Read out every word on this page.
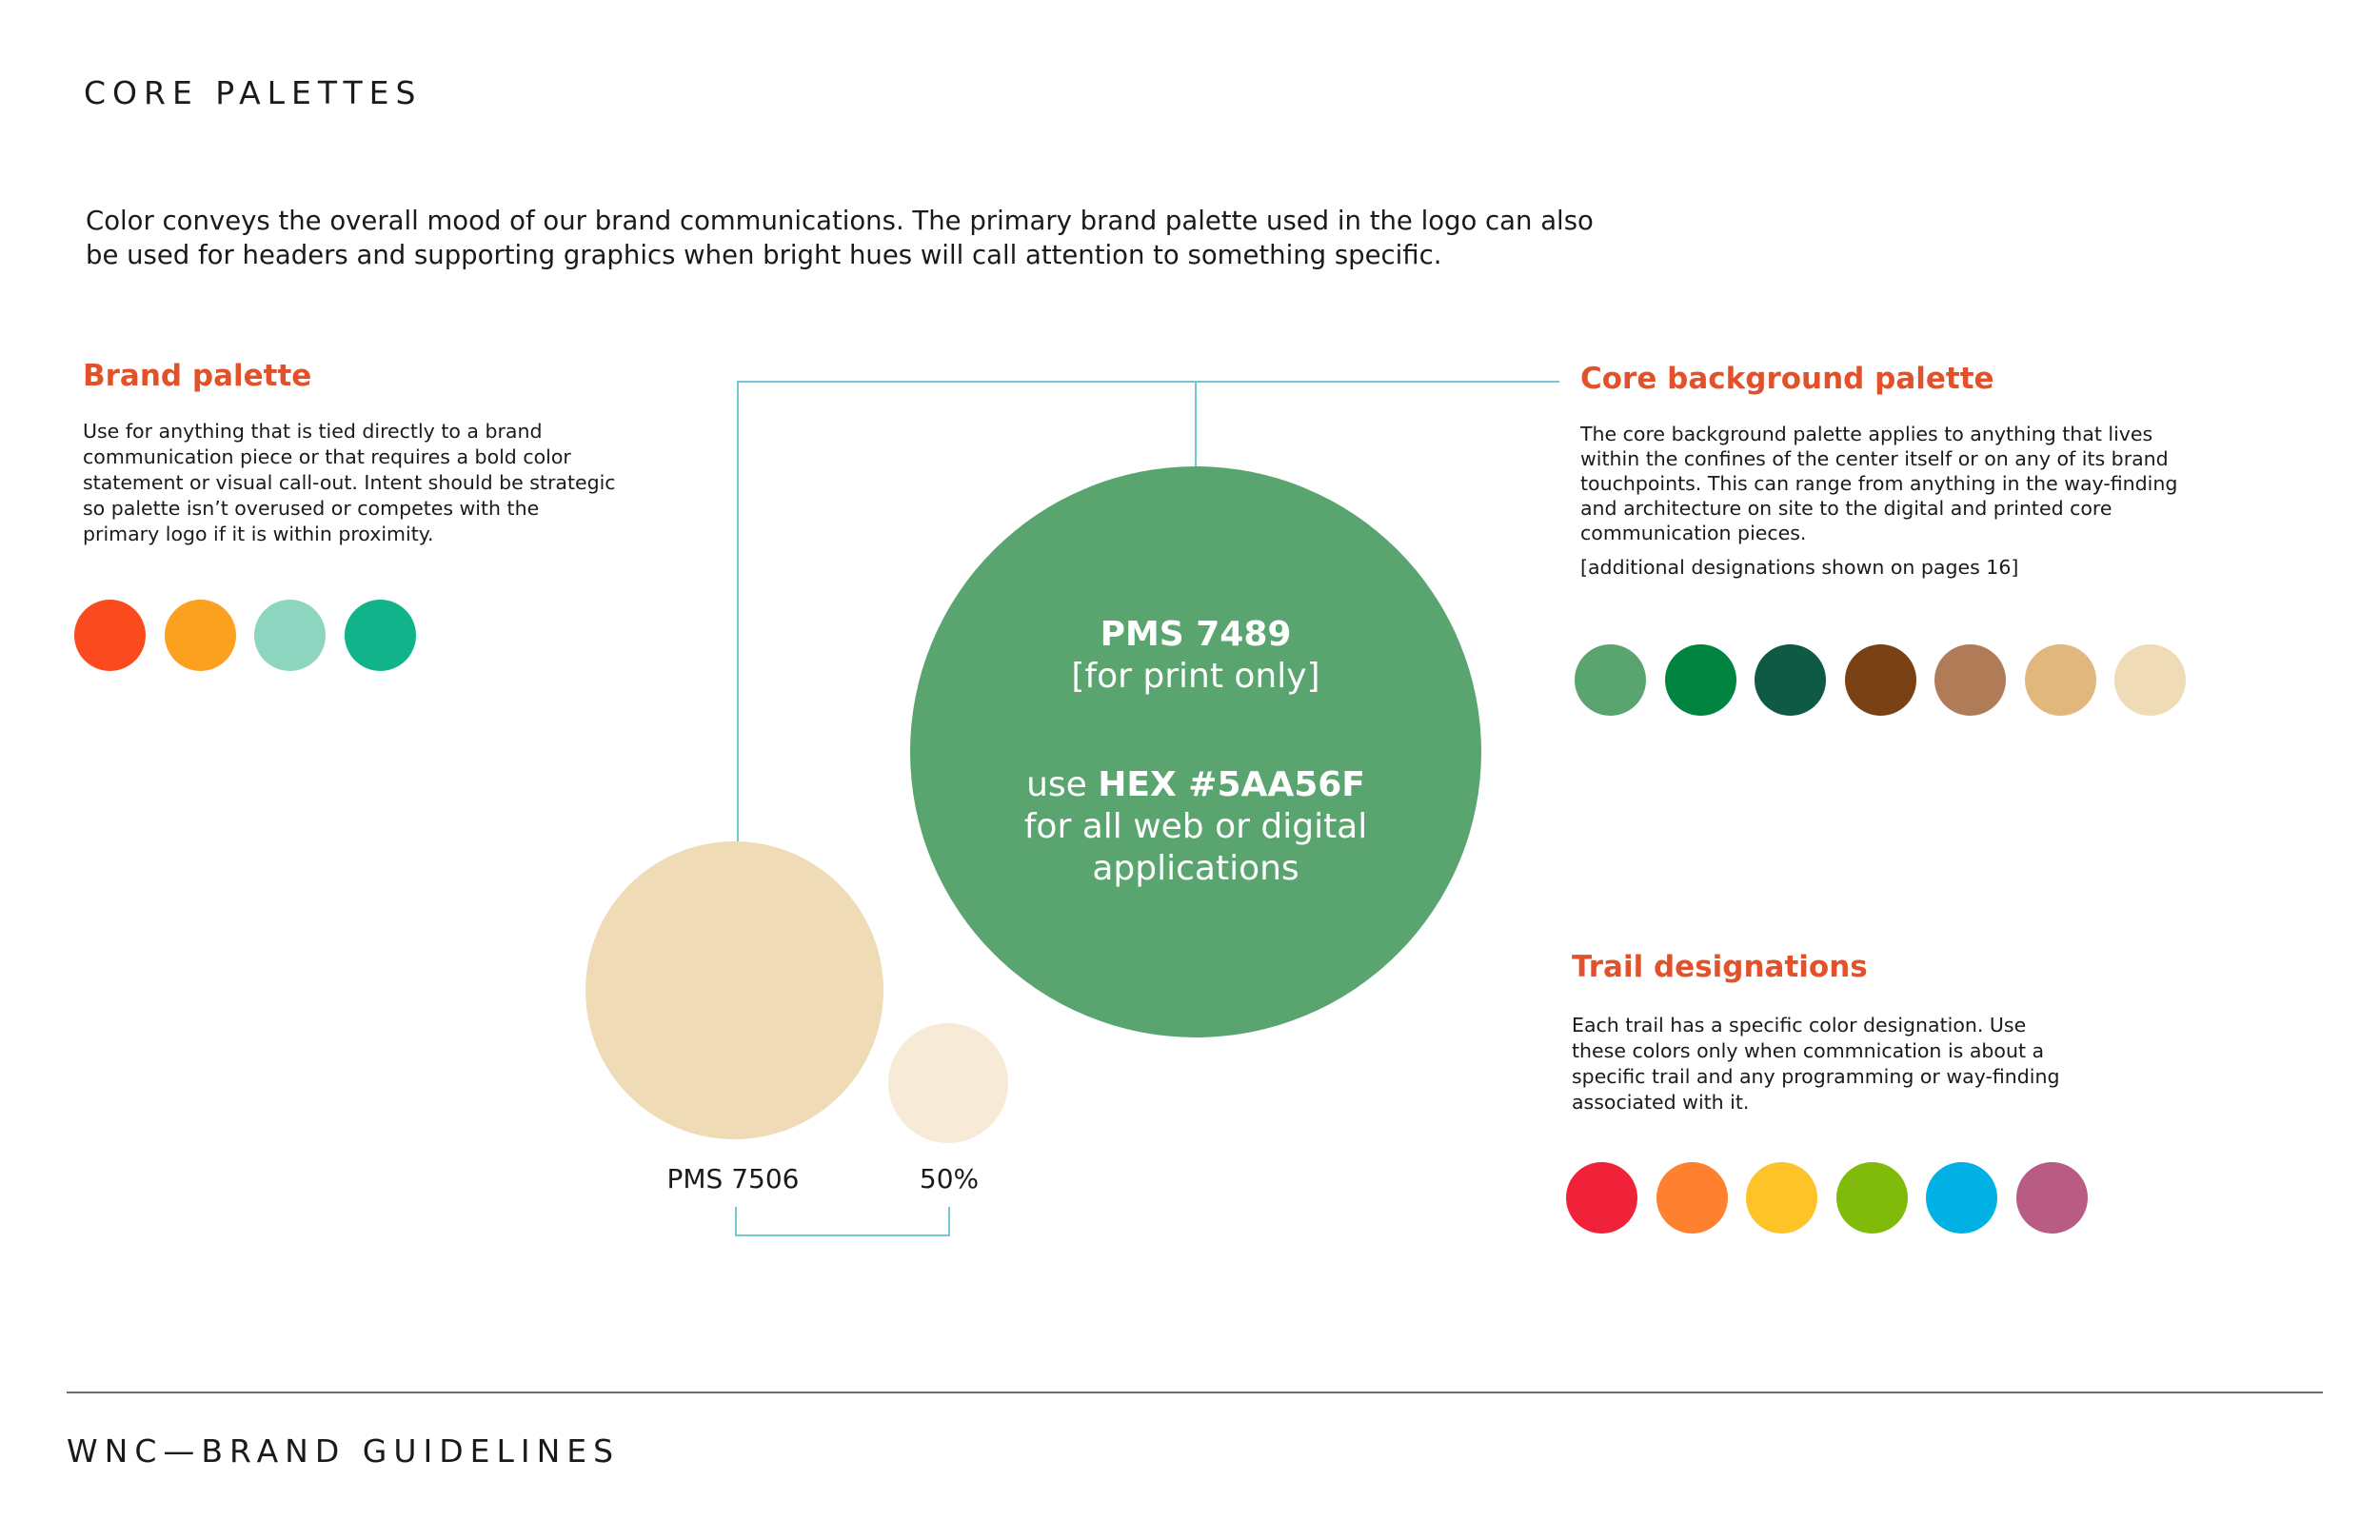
CORE PALETTES

Color conveys the overall mood of our brand communications. The primary brand palette used in the logo can also be used for headers and supporting graphics when bright hues will call attention to something specific.

Brand palette

Use for anything that is tied directly to a brand communication piece or that requires a bold color statement or visual call-out. Intent should be strategic so palette isn’t overused or competes with the primary logo if it is within proximity.

PMS 7489
[for print only]
use HEX #5AA56F
for all web or digital
applications
PMS 7506	50%
Core background palette

The core background palette applies to anything that lives within the confines of the center itself or on any of its brand touchpoints. This can range from anything in the way-finding and architecture on site to the digital and printed core communication pieces.

[additional designations shown on pages 16]

Trail designations

Each trail has a specific color designation. Use these colors only when commnication is about a specific trail and any programming or way-finding associated with it.

WNC—BRAND GUIDELINES
